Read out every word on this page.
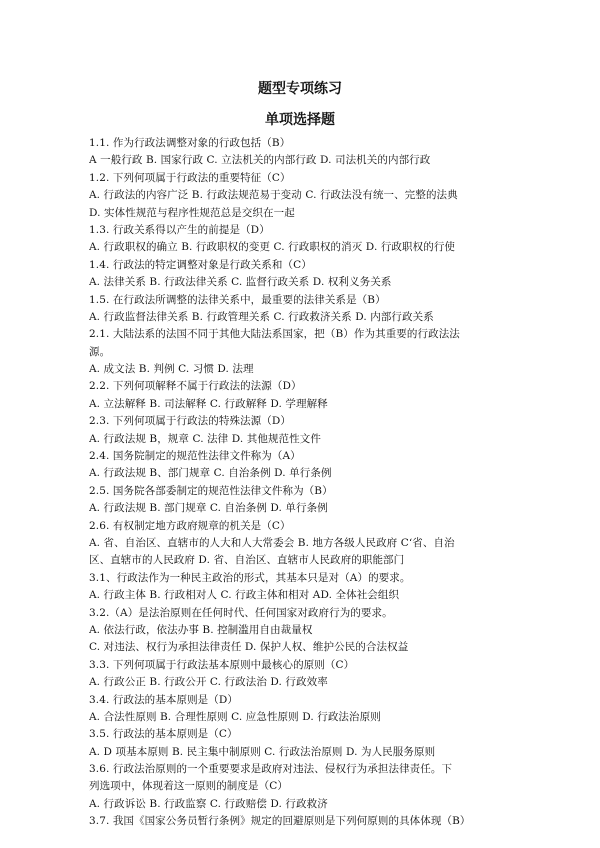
题型专项练习
单项选择题
1.1. 作为行政法调整对象的行政包括（B）
A 一般行政 B. 国家行政 C. 立法机关的内部行政 D. 司法机关的内部行政
1.2. 下列何项属于行政法的重要特征（C）
A. 行政法的内容广泛 B. 行政法规范易于变动 C. 行政法没有统一、完整的法典
D. 实体性规范与程序性规范总是交织在一起
1.3. 行政关系得以产生的前提是（D）
A. 行政职权的确立 B. 行政职权的变更 C. 行政职权的消灭 D. 行政职权的行使
1.4. 行政法的特定调整对象是行政关系和（C）
A. 法律关系 B. 行政法律关系 C. 监督行政关系 D. 权利义务关系
1.5. 在行政法所调整的法律关系中，最重要的法律关系是（B）
A. 行政监督法律关系 B. 行政管理关系 C. 行政救济关系 D. 内部行政关系
2.1. 大陆法系的法国不同于其他大陆法系国家，把（B）作为其重要的行政法法
源。
A. 成文法 B. 判例 C. 习惯 D. 法理
2.2. 下列何项解释不属于行政法的法源（D）
A. 立法解释 B. 司法解释 C. 行政解释 D. 学理解释
2.3. 下列何项属于行政法的特殊法源（D）
A. 行政法规 B，规章 C. 法律 D. 其他规范性文件
2.4. 国务院制定的规范性法律文件称为（A）
A. 行政法规 B、部门规章 C. 自治条例 D. 单行条例
2.5. 国务院各部委制定的规范性法律文件称为（B）
A. 行政法规 B. 部门规章 C. 自治条例 D. 单行条例
2.6. 有权制定地方政府规章的机关是（C）
A. 省、自治区、直辖市的人大和人大常委会 B. 地方各级人民政府 C‘省、自治
区、直辖市的人民政府 D. 省、自治区、直辖市人民政府的职能部门
3.1、行政法作为一种民主政治的形式，其基本只是对（A）的要求。
A. 行政主体 B. 行政相对人 C. 行政主体和相对 AD. 全体社会组织
3.2.（A）是法治原则在任何时代、任何国家对政府行为的要求。
A. 依法行政，依法办事 B. 控制滥用自由裁量权
C. 对违法、权行为承担法律责任 D. 保护人权、维护公民的合法权益
3.3. 下列何项属于行政法基本原则中最核心的原则（C）
A. 行政公正 B. 行政公开 C. 行政法治 D. 行政效率
3.4. 行政法的基本原则是（D）
A. 合法性原则 B. 合理性原则 C. 应急性原则 D. 行政法治原则
3.5. 行政法的基本原则是（C）
A. D 项基本原则 B. 民主集中制原则 C. 行政法治原则 D. 为人民服务原则
3.6. 行政法治原则的一个重要要求是政府对违法、侵权行为承担法律责任。下
列选项中，体现着这一原则的制度是（C）
A. 行政诉讼 B. 行政监察 C. 行政赔偿 D. 行政救济
3.7. 我国《国家公务员暂行条例》规定的回避原则是下列何原则的具体体现（B）
